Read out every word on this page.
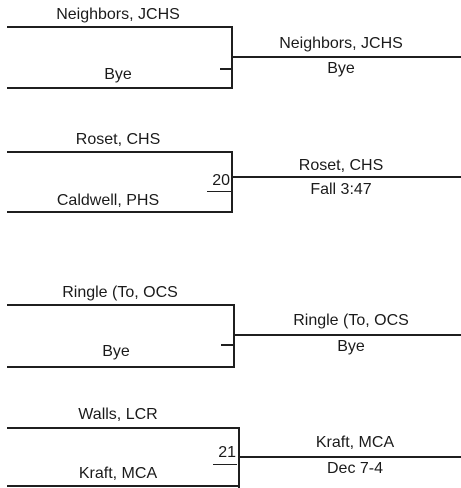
Neighbors, JCHS
Bye
Neighbors, JCHS
Bye
Roset, CHS
Caldwell, PHS
20
Roset, CHS
Fall 3:47
Ringle (To, OCS
Bye
Ringle (To, OCS
Bye
Walls, LCR
Kraft, MCA
21
Kraft, MCA
Dec 7-4
